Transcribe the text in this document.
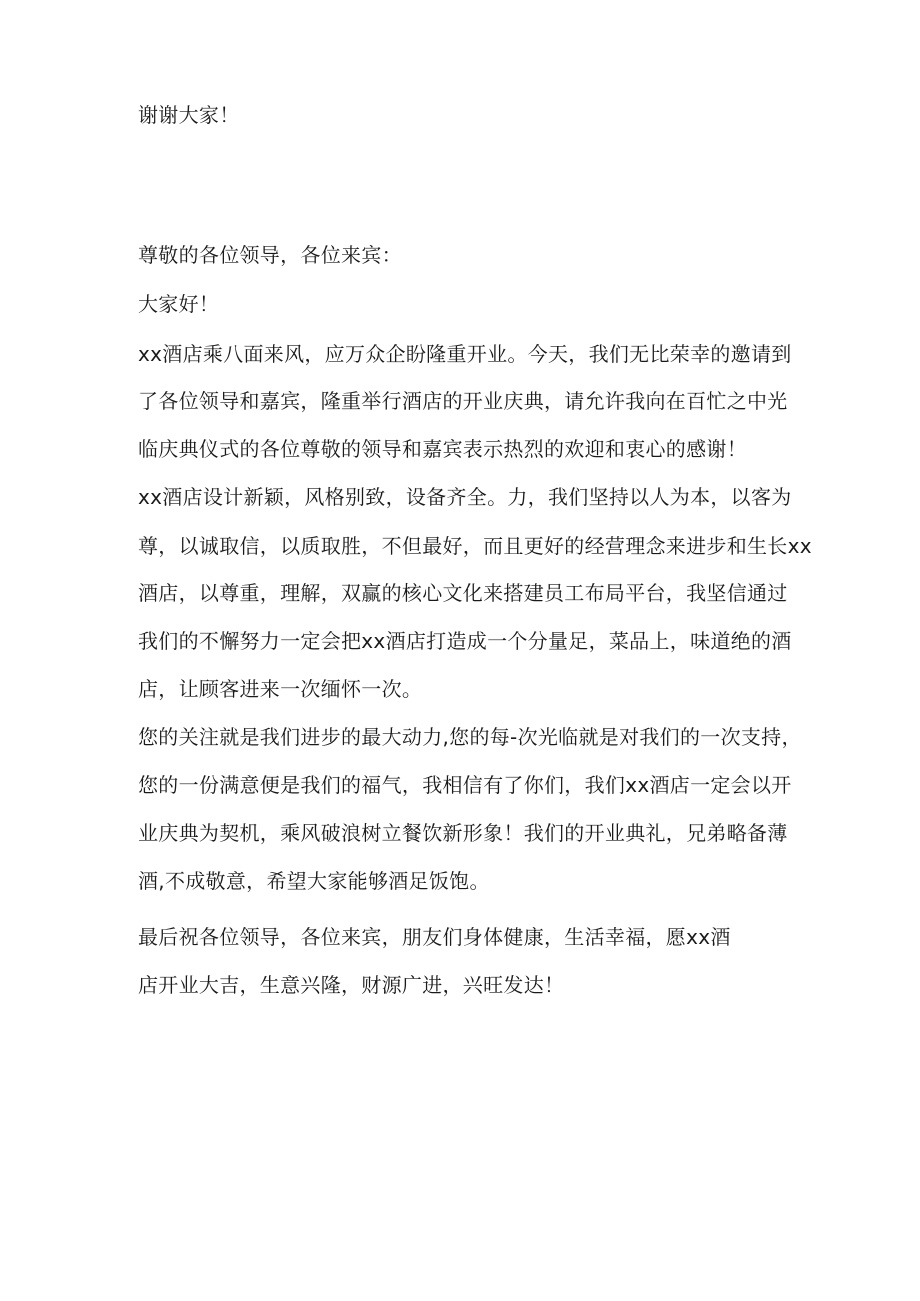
谢谢大家！
尊敬的各位领导，各位来宾：
大家好！
xx酒店乘八面来风，应万众企盼隆重开业。今天，我们无比荣幸的邀请到
了各位领导和嘉宾，隆重举行酒店的开业庆典，请允许我向在百忙之中光
临庆典仪式的各位尊敬的领导和嘉宾表示热烈的欢迎和衷心的感谢！
xx酒店设计新颖，风格别致，设备齐全。力，我们坚持以人为本，以客为
尊，以诚取信，以质取胜，不但最好，而且更好的经营理念来进步和生长xx
酒店，以尊重，理解，双赢的核心文化来搭建员工布局平台，我坚信通过
我们的不懈努力一定会把xx酒店打造成一个分量足，菜品上，味道绝的酒
店，让顾客进来一次缅怀一次。
您的关注就是我们进步的最大动力,您的每-次光临就是对我们的一次支持，
您的一份满意便是我们的福气，我相信有了你们，我们xx酒店一定会以开
业庆典为契机，乘风破浪树立餐饮新形象！我们的开业典礼，兄弟略备薄
酒,不成敬意，希望大家能够酒足饭饱。
最后祝各位领导，各位来宾，朋友们身体健康，生活幸福，愿xx酒
店开业大吉，生意兴隆，财源广进，兴旺发达！
